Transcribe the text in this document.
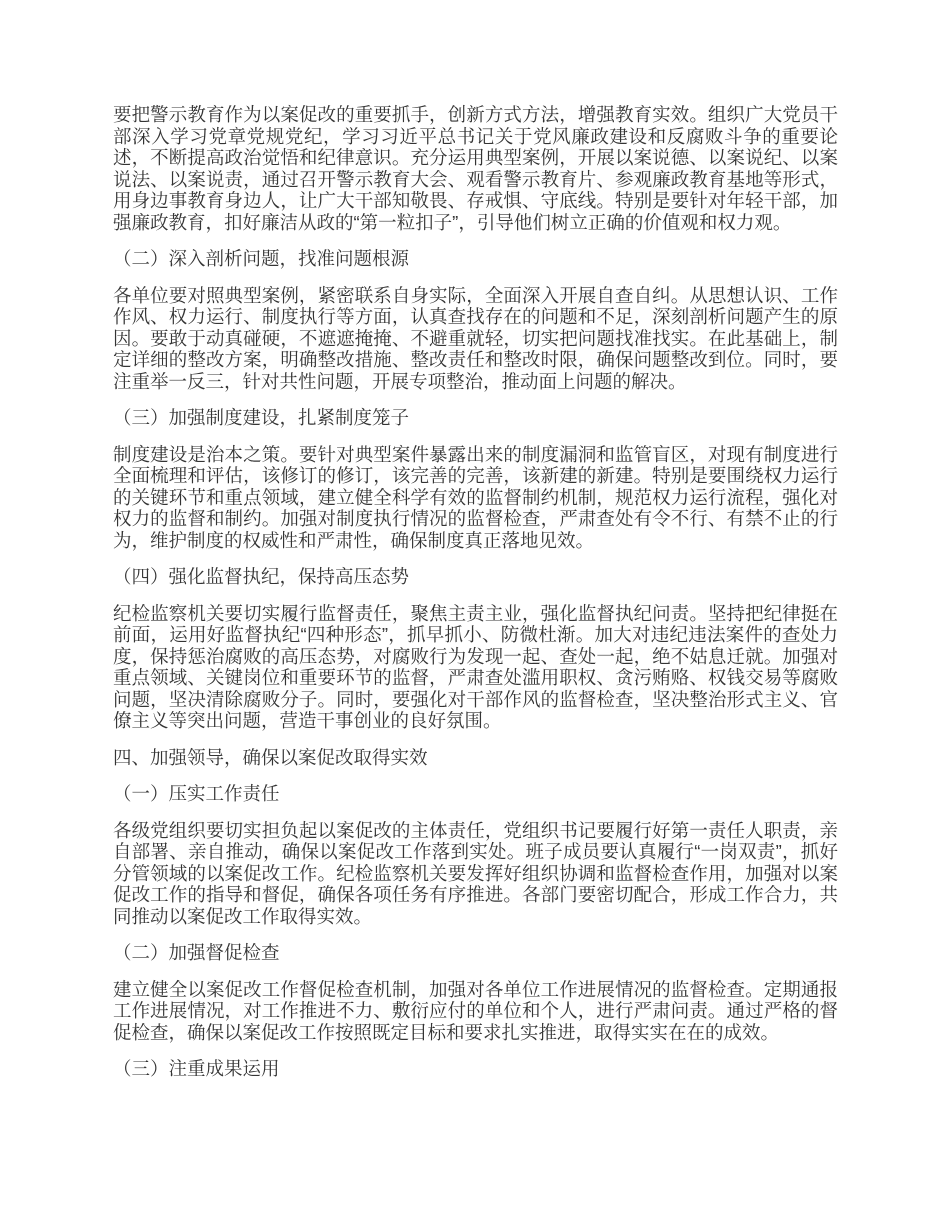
要把警示教育作为以案促改的重要抓手，创新方式方法，增强教育实效。组织广大党员干部深入学习党章党规党纪，学习习近平总书记关于党风廉政建设和反腐败斗争的重要论述，不断提高政治觉悟和纪律意识。充分运用典型案例，开展以案说德、以案说纪、以案说法、以案说责，通过召开警示教育大会、观看警示教育片、参观廉政教育基地等形式，用身边事教育身边人，让广大干部知敬畏、存戒惧、守底线。特别是要针对年轻干部，加强廉政教育，扣好廉洁从政的“第一粒扣子”，引导他们树立正确的价值观和权力观。

（二）深入剖析问题，找准问题根源

各单位要对照典型案例，紧密联系自身实际，全面深入开展自查自纠。从思想认识、工作作风、权力运行、制度执行等方面，认真查找存在的问题和不足，深刻剖析问题产生的原因。要敢于动真碰硬，不遮遮掩掩、不避重就轻，切实把问题找准找实。在此基础上，制定详细的整改方案，明确整改措施、整改责任和整改时限，确保问题整改到位。同时，要注重举一反三，针对共性问题，开展专项整治，推动面上问题的解决。

（三）加强制度建设，扎紧制度笼子

制度建设是治本之策。要针对典型案件暴露出来的制度漏洞和监管盲区，对现有制度进行全面梳理和评估，该修订的修订，该完善的完善，该新建的新建。特别是要围绕权力运行的关键环节和重点领域，建立健全科学有效的监督制约机制，规范权力运行流程，强化对权力的监督和制约。加强对制度执行情况的监督检查，严肃查处有令不行、有禁不止的行为，维护制度的权威性和严肃性，确保制度真正落地见效。

（四）强化监督执纪，保持高压态势

纪检监察机关要切实履行监督责任，聚焦主责主业，强化监督执纪问责。坚持把纪律挺在前面，运用好监督执纪“四种形态”，抓早抓小、防微杜渐。加大对违纪违法案件的查处力度，保持惩治腐败的高压态势，对腐败行为发现一起、查处一起，绝不姑息迁就。加强对重点领域、关键岗位和重要环节的监督，严肃查处滥用职权、贪污贿赂、权钱交易等腐败问题，坚决清除腐败分子。同时，要强化对干部作风的监督检查，坚决整治形式主义、官僚主义等突出问题，营造干事创业的良好氛围。

四、加强领导，确保以案促改取得实效

（一）压实工作责任

各级党组织要切实担负起以案促改的主体责任，党组织书记要履行好第一责任人职责，亲自部署、亲自推动，确保以案促改工作落到实处。班子成员要认真履行“一岗双责”，抓好分管领域的以案促改工作。纪检监察机关要发挥好组织协调和监督检查作用，加强对以案促改工作的指导和督促，确保各项任务有序推进。各部门要密切配合，形成工作合力，共同推动以案促改工作取得实效。

（二）加强督促检查

建立健全以案促改工作督促检查机制，加强对各单位工作进展情况的监督检查。定期通报工作进展情况，对工作推进不力、敷衍应付的单位和个人，进行严肃问责。通过严格的督促检查，确保以案促改工作按照既定目标和要求扎实推进，取得实实在在的成效。

（三）注重成果运用
